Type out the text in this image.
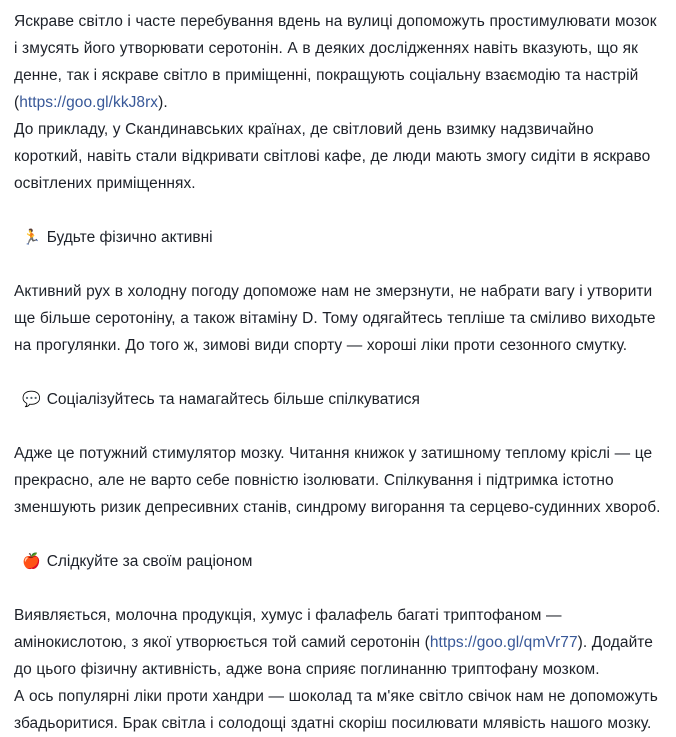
Яскраве світло і часте перебування вдень на вулиці допоможуть простимулювати мозок і змусять його утворювати серотонін. А в деяких дослідженнях навіть вказують, що як денне, так і яскраве світло в приміщенні, покращують соціальну взаємодію та настрій (https://goo.gl/kkJ8rx).

До прикладу, у Скандинавських країнах, де світловий день взимку надзвичайно короткий, навіть стали відкривати світлові кафе, де люди мають змогу сидіти в яскраво освітлених приміщеннях.

🏃 Будьте фізично активні

Активний рух в холодну погоду допоможе нам не змерзнути, не набрати вагу і утворити ще більше серотоніну, а також вітаміну D. Тому одягайтесь тепліше та сміливо виходьте на прогулянки. До того ж, зимові види спорту — хороші ліки проти сезонного смутку.

💬 Соціалізуйтесь та намагайтесь більше спілкуватися

Адже це потужний стимулятор мозку. Читання книжок у затишному теплому кріслі — це прекрасно, але не варто себе повністю ізолювати. Спілкування і підтримка істотно зменшують ризик депресивних станів, синдрому вигорання та серцево-судинних хвороб.

🍎 Слідкуйте за своїм раціоном

Виявляється, молочна продукція, хумус і фалафель багаті триптофаном — амінокислотою, з якої утворюється той самий серотонін (https://goo.gl/qmVr77). Додайте до цього фізичну активність, адже вона сприяє поглинанню триптофану мозком.

А ось популярні ліки проти хандри — шоколад та м'яке світло свічок нам не допоможуть збадьоритися. Брак світла і солодощі здатні скоріш посилювати млявість нашого мозку.
